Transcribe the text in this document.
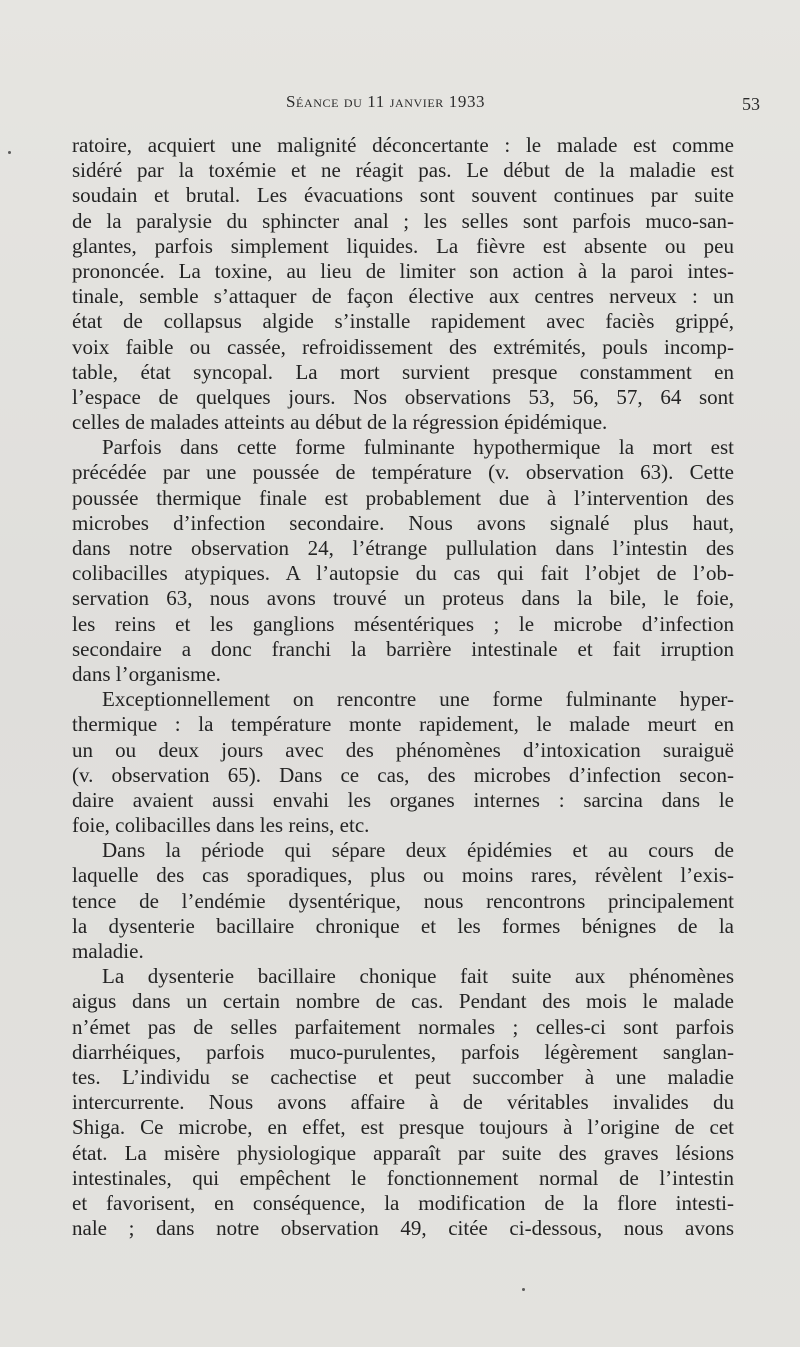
Séance du 11 janvier 1933	53
ratoire, acquiert une malignité déconcertante : le malade est comme
sidéré par la toxémie et ne réagit pas. Le début de la maladie est
soudain et brutal. Les évacuations sont souvent continues par suite
de la paralysie du sphincter anal ; les selles sont parfois muco-san-
glantes, parfois simplement liquides. La fièvre est absente ou peu
prononcée. La toxine, au lieu de limiter son action à la paroi intes-
tinale, semble s’attaquer de façon élective aux centres nerveux : un
état de collapsus algide s’installe rapidement avec faciès grippé,
voix faible ou cassée, refroidissement des extrémités, pouls incomp-
table, état syncopal. La mort survient presque constamment en
l’espace de quelques jours. Nos observations 53, 56, 57, 64 sont
celles de malades atteints au début de la régression épidémique.
Parfois dans cette forme fulminante hypothermique la mort est
précédée par une poussée de température (v. observation 63). Cette
poussée thermique finale est probablement due à l’intervention des
microbes d’infection secondaire. Nous avons signalé plus haut,
dans notre observation 24, l’étrange pullulation dans l’intestin des
colibacilles atypiques. A l’autopsie du cas qui fait l’objet de l’ob-
servation 63, nous avons trouvé un proteus dans la bile, le foie,
les reins et les ganglions mésentériques ; le microbe d’infection
secondaire a donc franchi la barrière intestinale et fait irruption
dans l’organisme.
Exceptionnellement on rencontre une forme fulminante hyper-
thermique : la température monte rapidement, le malade meurt en
un ou deux jours avec des phénomènes d’intoxication suraiguë
(v. observation 65). Dans ce cas, des microbes d’infection secon-
daire avaient aussi envahi les organes internes : sarcina dans le
foie, colibacilles dans les reins, etc.
Dans la période qui sépare deux épidémies et au cours de
laquelle des cas sporadiques, plus ou moins rares, révèlent l’exis-
tence de l’endémie dysentérique, nous rencontrons principalement
la dysenterie bacillaire chronique et les formes bénignes de la
maladie.
La dysenterie bacillaire chonique fait suite aux phénomènes
aigus dans un certain nombre de cas. Pendant des mois le malade
n’émet pas de selles parfaitement normales ; celles-ci sont parfois
diarrhéiques, parfois muco-purulentes, parfois légèrement sanglan-
tes. L’individu se cachectise et peut succomber à une maladie
intercurrente. Nous avons affaire à de véritables invalides du
Shiga. Ce microbe, en effet, est presque toujours à l’origine de cet
état. La misère physiologique apparaît par suite des graves lésions
intestinales, qui empêchent le fonctionnement normal de l’intestin
et favorisent, en conséquence, la modification de la flore intesti-
nale ; dans notre observation 49, citée ci-dessous, nous avons
